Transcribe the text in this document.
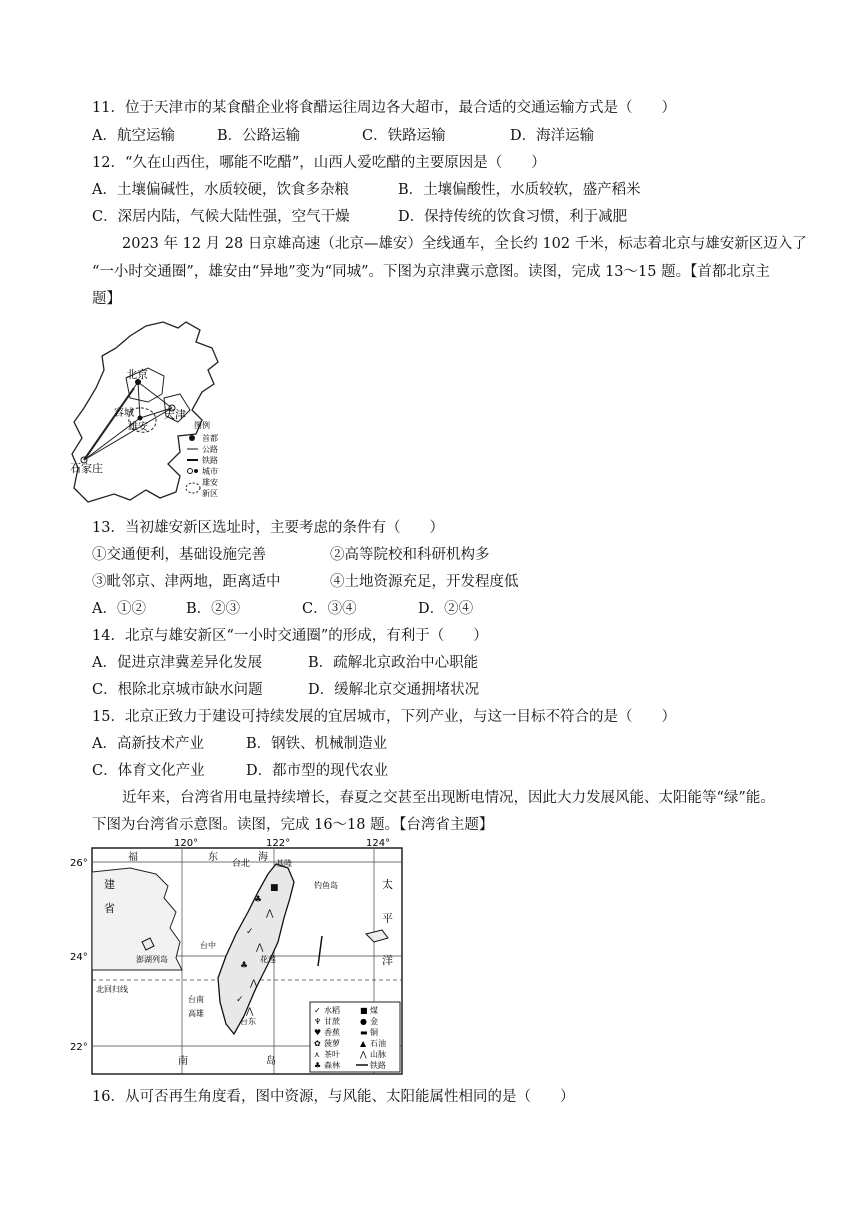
11．位于天津市的某食醋企业将食醋运往周边各大超市，最合适的交通运输方式是（　　）
A．航空运输	B．公路运输	C．铁路运输	D．海洋运输
12．“久在山西住，哪能不吃醋”，山西人爱吃醋的主要原因是（　　）
A．土壤偏碱性，水质较硬，饮食多杂粮	B．土壤偏酸性，水质较软，盛产稻米
C．深居内陆，气候大陆性强，空气干燥	D．保持传统的饮食习惯，利于减肥
2023 年 12 月 28 日京雄高速（北京—雄安）全线通车，全长约 102 千米，标志着北京与雄安新区迈入了
“一小时交通圈”，雄安由“异地”变为“同城”。下图为京津冀示意图。读图，完成 13～15 题。【首都北京主
题】
北京
天津
石家庄
容城
雄安	图例
首都
公路
铁路
城市
雄安
新区
13．当初雄安新区选址时，主要考虑的条件有（　　）
①交通便利，基础设施完善	②高等院校和科研机构多
③毗邻京、津两地，距离适中	④土地资源充足，开发程度低
A．①②	B．②③	C．③④	D．②④
14．北京与雄安新区“一小时交通圈”的形成，有利于（　　）
A．促进京津冀差异化发展	B．疏解北京政治中心职能
C．根除北京城市缺水问题	D．缓解北京交通拥堵状况
15．北京正致力于建设可持续发展的宜居城市，下列产业，与这一目标不符合的是（　　）
A．高新技术产业	B．钢铁、机械制造业
C．体育文化产业	D．都市型的现代农业
近年来，台湾省用电量持续增长，春夏之交甚至出现断电情况，因此大力发展风能、太阳能等“绿”能。
下图为台湾省示意图。读图，完成 16～18 题。【台湾省主题】
120°	122°	124°
26°
24°
22°
♣
⋀
✓
⋀
♣
⋀
✓
⋀
■
福	东	海
建
省
太
平
洋
台北	基隆
花莲
台东
高雄
台中
台南
澎湖列岛
北回归线
钓鱼岛
南	岛
✓ 水稻	■ 煤
♆ 甘蔗	● 金
♥ 香蕉	▬ 铜
✿ 菠萝	▲ 石油
⋏ 茶叶	⋀ 山脉
♣ 森林	铁路
16．从可否再生角度看，图中资源，与风能、太阳能属性相同的是（　　）
